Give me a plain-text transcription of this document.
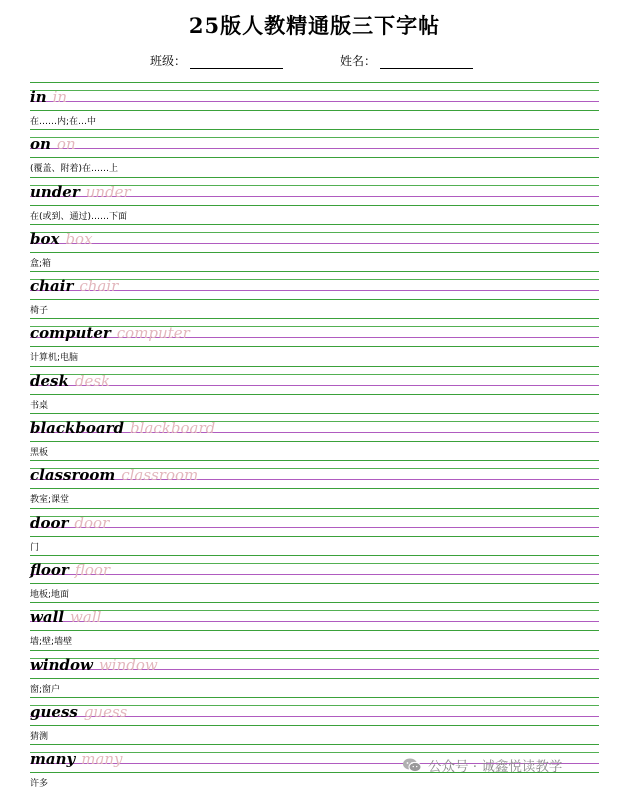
25版人教精通版三下字帖
班级：	姓名：
in in
在……内;在…中
on on
(覆盖、附着)在……上
under under
在(或到、通过)……下面
box box
盒;箱
chair chair
椅子
computer computer
计算机;电脑
desk desk
书桌
blackboard blackboard
黑板
classroom classroom
教室;课堂
door door
门
floor floor
地板;地面
wall wall
墙;壁;墙壁
window window
窗;窗户
guess guess
猜测
many many
许多
公众号 · 诚鑫悦读教学
